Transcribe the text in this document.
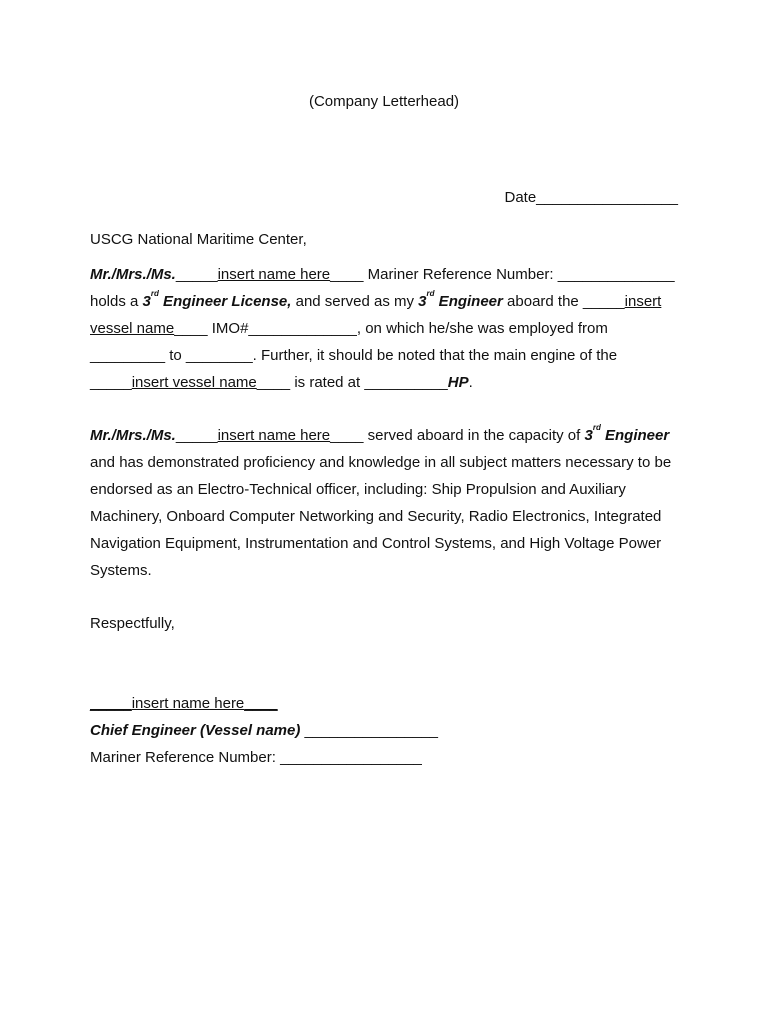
(Company Letterhead)
Date_________________
USCG National Maritime Center,
Mr./Mrs./Ms._____insert name here____ Mariner Reference Number: ______________
holds a 3rd Engineer License, and served as my 3rd Engineer aboard the _____insert
vessel name____ IMO#_____________, on which he/she was employed from
_________ to ________. Further, it should be noted that the main engine of the
_____insert vessel name____ is rated at __________HP.
Mr./Mrs./Ms._____insert name here____ served aboard in the capacity of 3rd Engineer
and has demonstrated proficiency and knowledge in all subject matters necessary to be
endorsed as an Electro-Technical officer, including: Ship Propulsion and Auxiliary
Machinery, Onboard Computer Networking and Security, Radio Electronics, Integrated
Navigation Equipment, Instrumentation and Control Systems, and High Voltage Power
Systems.
Respectfully,
_____insert name here____
Chief Engineer (Vessel name) ________________
Mariner Reference Number: _________________
